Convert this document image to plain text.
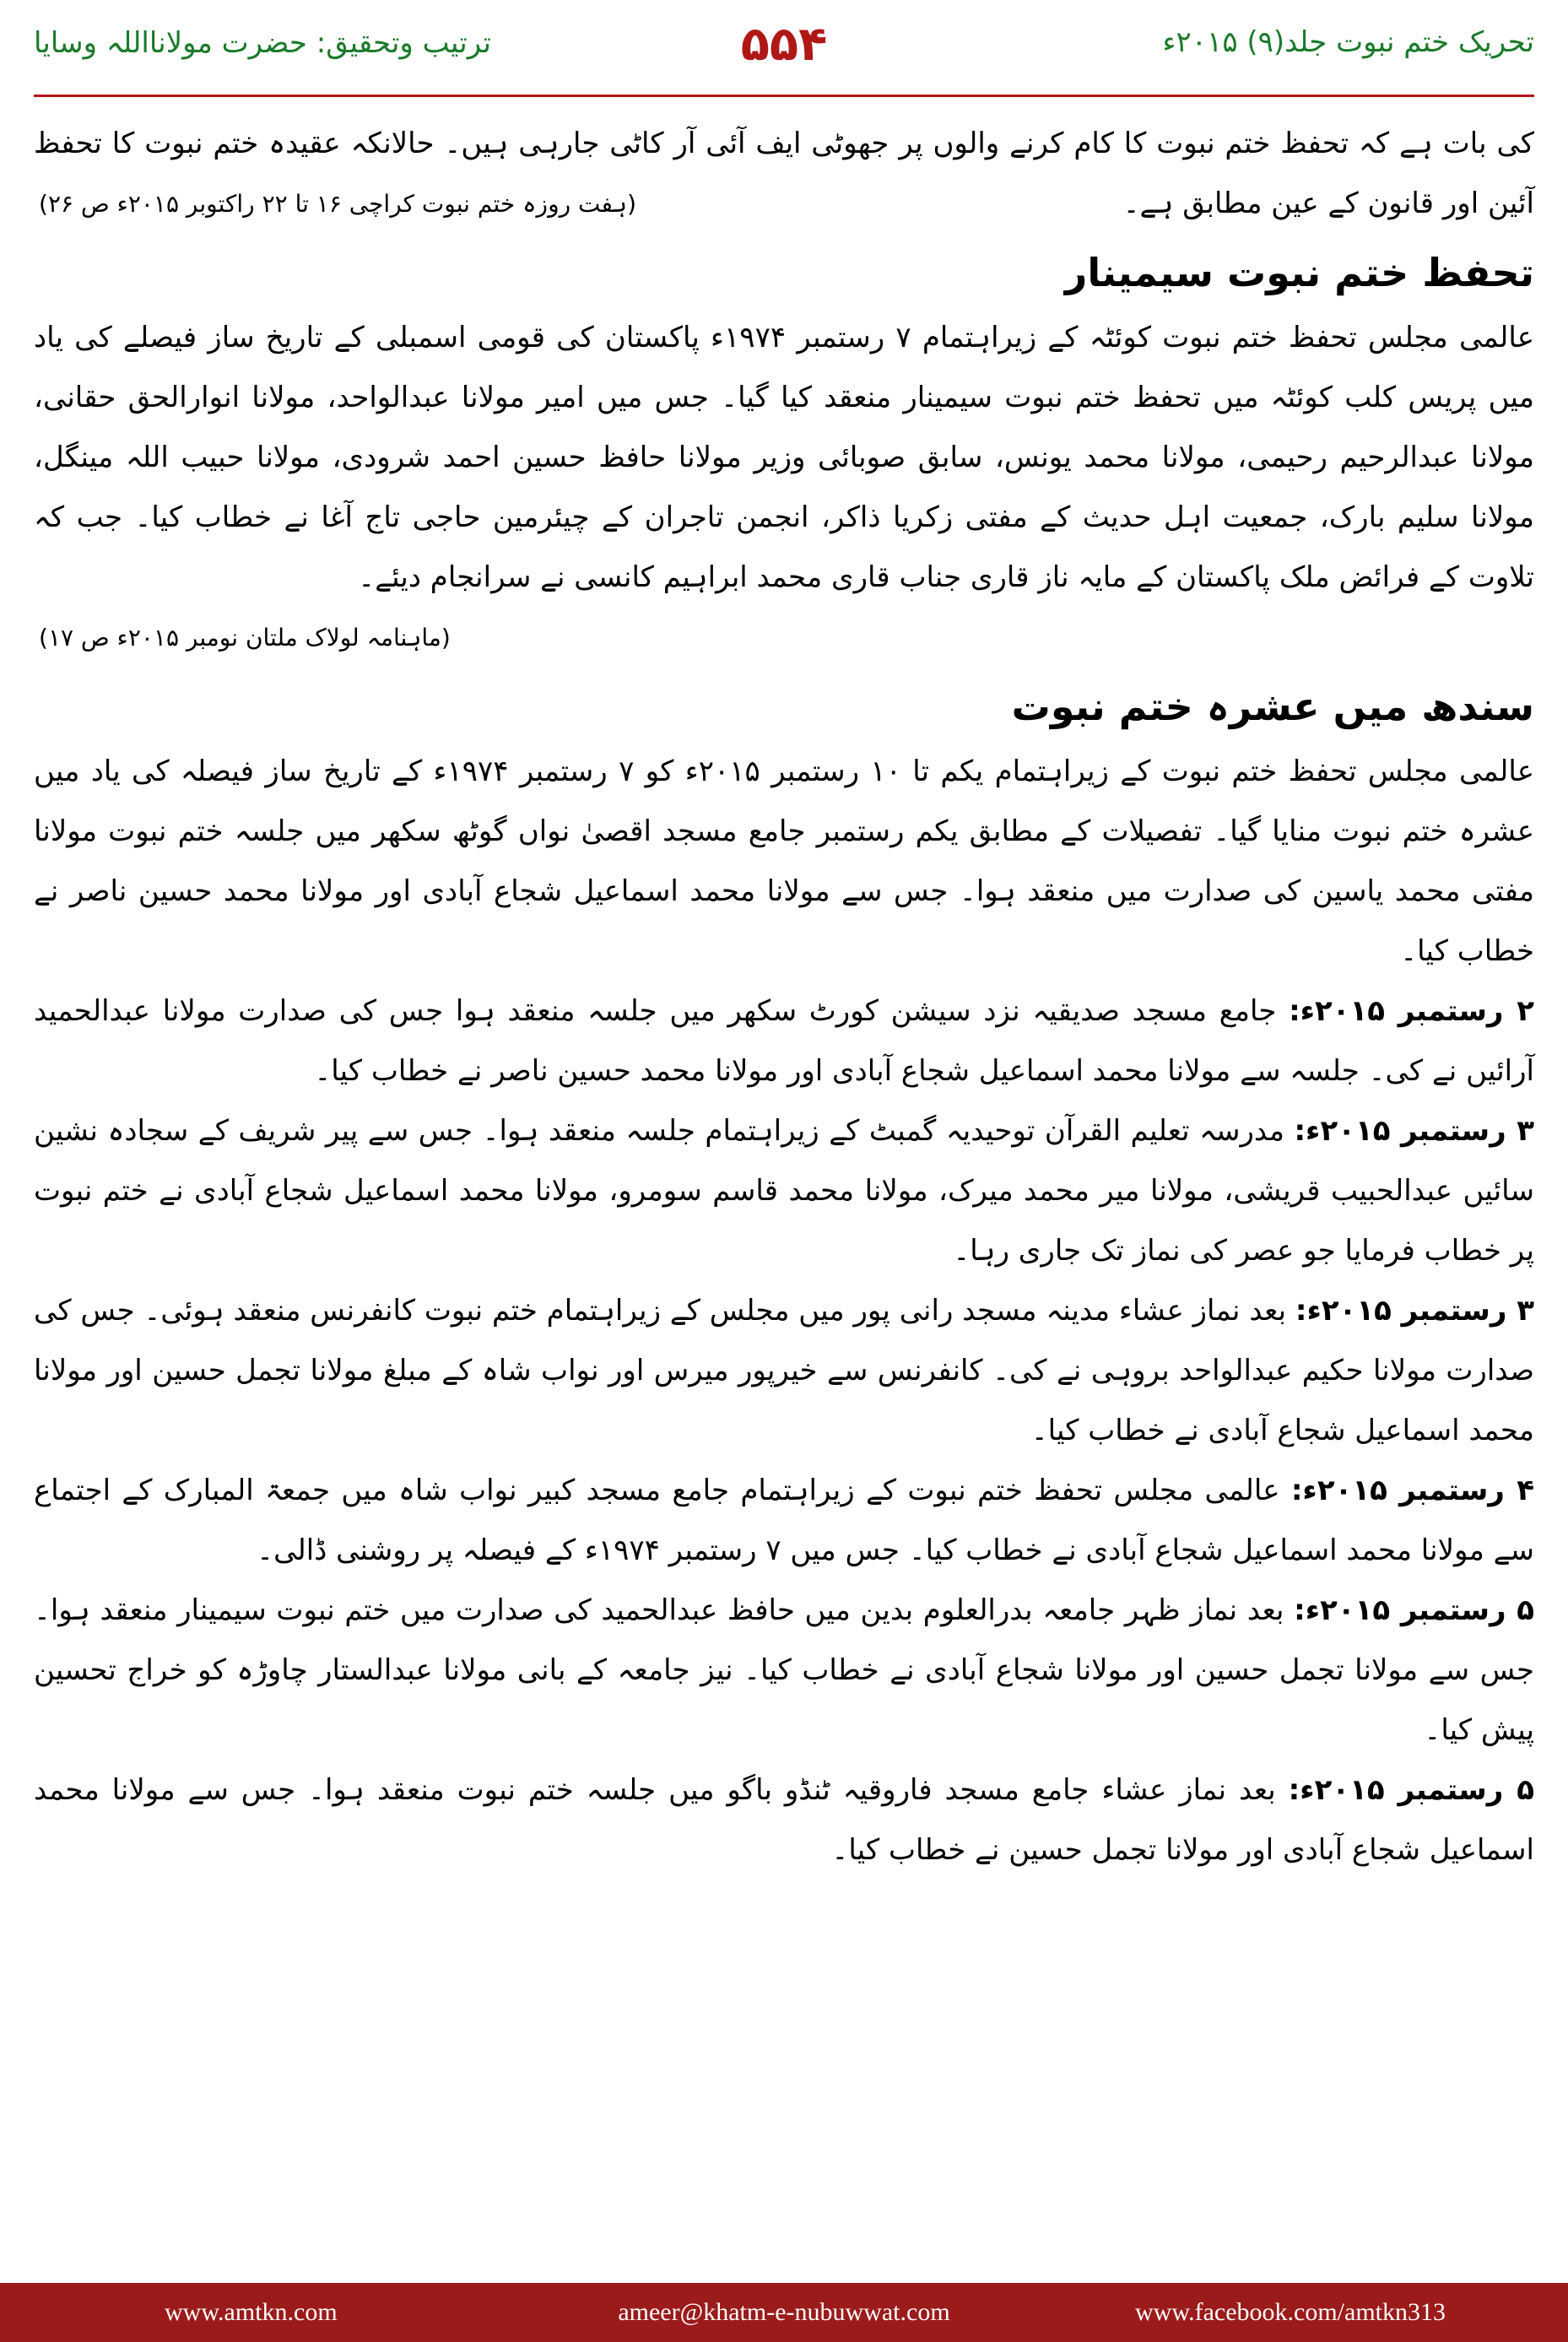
ترتیب وتحقیق: حضرت مولانااللہ وسایا	۵۵۴	تحریک ختم نبوت جلد(۹) ۲۰۱۵ء

کی بات ہے کہ تحفظ ختم نبوت کا کام کرنے والوں پر جھوٹی ایف آئی آر کاٹی جارہی ہیں۔ حالانکہ عقیدہ ختم نبوت کا تحفظ آئین اور قانون کے عین مطابق ہے۔
(ہفت روزہ ختم نبوت کراچی ۱۶ تا ۲۲ راکتوبر ۲۰۱۵ء ص ۲۶)

تحفظ ختم نبوت سیمینار

عالمی مجلس تحفظ ختم نبوت کوئٹہ کے زیراہتمام ۷ رستمبر ۱۹۷۴ء پاکستان کی قومی اسمبلی کے تاریخ ساز فیصلے کی یاد میں پریس کلب کوئٹہ میں تحفظ ختم نبوت سیمینار منعقد کیا گیا۔ جس میں امیر مولانا عبدالواحد، مولانا انوارالحق حقانی، مولانا عبدالرحیم رحیمی، مولانا محمد یونس، سابق صوبائی وزیر مولانا حافظ حسین احمد شرودی، مولانا حبیب اللہ مینگل، مولانا سلیم بارک، جمعیت اہل حدیث کے مفتی زکریا ذاکر، انجمن تاجران کے چیئرمین حاجی تاج آغا نے خطاب کیا۔ جب کہ تلاوت کے فرائض ملک پاکستان کے مایہ ناز قاری جناب قاری محمد ابراہیم کانسی نے سرانجام دیئے۔
(ماہنامہ لولاک ملتان نومبر ۲۰۱۵ء ص ۱۷)

سندھ میں عشرہ ختم نبوت

عالمی مجلس تحفظ ختم نبوت کے زیراہتمام یکم تا ۱۰ رستمبر ۲۰۱۵ء کو ۷ رستمبر ۱۹۷۴ء کے تاریخ ساز فیصلہ کی یاد میں عشرہ ختم نبوت منایا گیا۔ تفصیلات کے مطابق یکم رستمبر جامع مسجد اقصیٰ نواں گوٹھ سکھر میں جلسہ ختم نبوت مولانا مفتی محمد یاسین کی صدارت میں منعقد ہوا۔ جس سے مولانا محمد اسماعیل شجاع آبادی اور مولانا محمد حسین ناصر نے خطاب کیا۔

۲ رستمبر ۲۰۱۵ء: جامع مسجد صدیقیہ نزد سیشن کورٹ سکھر میں جلسہ منعقد ہوا جس کی صدارت مولانا عبدالحمید آرائیں نے کی۔ جلسہ سے مولانا محمد اسماعیل شجاع آبادی اور مولانا محمد حسین ناصر نے خطاب کیا۔

۳ رستمبر ۲۰۱۵ء: مدرسہ تعلیم القرآن توحیدیہ گمبٹ کے زیراہتمام جلسہ منعقد ہوا۔ جس سے پیر شریف کے سجادہ نشین سائیں عبدالحبیب قریشی، مولانا میر محمد میرک، مولانا محمد قاسم سومرو، مولانا محمد اسماعیل شجاع آبادی نے ختم نبوت پر خطاب فرمایا جو عصر کی نماز تک جاری رہا۔

۳ رستمبر ۲۰۱۵ء: بعد نماز عشاء مدینہ مسجد رانی پور میں مجلس کے زیراہتمام ختم نبوت کانفرنس منعقد ہوئی۔ جس کی صدارت مولانا حکیم عبدالواحد بروہی نے کی۔ کانفرنس سے خیرپور میرس اور نواب شاہ کے مبلغ مولانا تجمل حسین اور مولانا محمد اسماعیل شجاع آبادی نے خطاب کیا۔

۴ رستمبر ۲۰۱۵ء: عالمی مجلس تحفظ ختم نبوت کے زیراہتمام جامع مسجد کبیر نواب شاہ میں جمعۃ المبارک کے اجتماع سے مولانا محمد اسماعیل شجاع آبادی نے خطاب کیا۔ جس میں ۷ رستمبر ۱۹۷۴ء کے فیصلہ پر روشنی ڈالی۔

۵ رستمبر ۲۰۱۵ء: بعد نماز ظہر جامعہ بدرالعلوم بدین میں حافظ عبدالحمید کی صدارت میں ختم نبوت سیمینار منعقد ہوا۔ جس سے مولانا تجمل حسین اور مولانا شجاع آبادی نے خطاب کیا۔ نیز جامعہ کے بانی مولانا عبدالستار چاوڑہ کو خراج تحسین پیش کیا۔

۵ رستمبر ۲۰۱۵ء: بعد نماز عشاء جامع مسجد فاروقیہ ٹنڈو باگو میں جلسہ ختم نبوت منعقد ہوا۔ جس سے مولانا محمد اسماعیل شجاع آبادی اور مولانا تجمل حسین نے خطاب کیا۔

www.amtkn.com	ameer@khatm-e-nubuwwat.com	www.facebook.com/amtkn313
